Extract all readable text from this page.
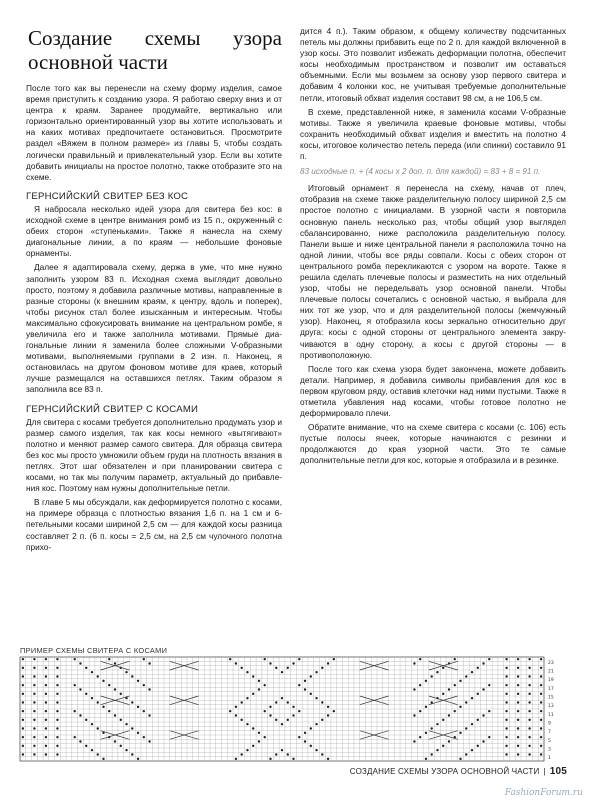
Создание схемы узора основной части

После того как вы перенесли на схему форму изделия, самое время приступить к созданию узора. Я работаю сверху вниз и от центра к краям. Заранее продумайте, вертикально или горизонтально ориентированный узор вы хотите использовать и на каких мотивах предпочитаете остановиться. Просмотрите раздел «Вяжем в полном размере» из главы 5, чтобы создать логически правильный и привлекательный узор. Если вы хотите добавить инициалы на простое полотно, также отобразите это на схеме.

ГЕРНСИЙСКИЙ СВИТЕР БЕЗ КОС

Я набросала несколько идей узора для свитера без кос: в исходной схеме в центре внимания ромб из 15 п., окруженный с обеих сторон «ступеньками». Также я нанесла на схему диагональные линии, а по краям — небольшие фоновые орнаменты.

Далее я адаптировала схему, держа в уме, что мне нужно заполнить узором 83 п. Исходная схема выглядит довольно просто, поэтому я добавила различные мотивы, направленные в разные стороны (к внешним краям, к центру, вдоль и поперек), чтобы рисунок стал более изысканным и интересным. Чтобы максимально сфокусировать внимание на центральном ромбе, я увеличила его и также заполнила мотивами. Прямые диагональные линии я заменила более сложными V-образными мотивами, выполняемыми группами в 2 изн. п. Наконец, я остановилась на другом фоновом мотиве для краев, который лучше размещался на оставшихся петлях. Таким образом я заполнила все 83 п.

ГЕРНСИЙСКИЙ СВИТЕР С КОСАМИ

Для свитера с косами требуется дополнительно продумать узор и размер самого изделия, так как косы немного «вытягивают» полотно и меняют размер самого свитера. Для образца свитера без кос мы просто умножили объем груди на плотность вязания в петлях. Этот шаг обязателен и при планировании свитера с косами, но так мы получим параметр, актуальный до прибавления кос. Поэтому нам нужны дополнительные петли.

В главе 5 мы обсуждали, как деформируется полотно с косами, на примере образца с плотностью вязания 1,6 п. на 1 см и 6-петельными косами шириной 2,5 см — для каждой косы разница составляет 2 п. (6 п. косы = 2,5 см, на 2,5 см чулочного полотна прихо-

дится 4 п.). Таким образом, к общему количеству подсчитанных петель мы должны прибавить еще по 2 п. для каждой включенной в узор косы. Это позволит избежать деформации полотна, обеспечит косы необходимым пространством и позволит им оставаться объемными. Если мы возьмем за основу узор первого свитера и добавим 4 колонки кос, не учитывая требуемые дополнительные петли, итоговый обхват изделия составит 98 см, а не 106,5 см.

В схеме, представленной ниже, я заменила косами V-образные мотивы. Также я увеличила краевые фоновые мотивы, чтобы сохранить необходимый обхват изделия и вместить на полотно 4 косы, итоговое количество петель переда (или спинки) составило 91 п.

83 исходные п. + (4 косы х 2 доп. п. для каждой) = 83 + 8 = 91 п.

Итоговый орнамент я перенесла на схему, начав от плеч, отобразив на схеме также разделительную полосу шириной 2,5 см простое полотно с инициалами. В узорной части я повторила основную панель несколько раз, чтобы общий узор выглядел сбалансированно, ниже расположила разделительную полосу. Панели выше и ниже центральной панели я расположила точно на одной линии, чтобы все ряды совпали. Косы с обеих сторон от центрального ромба перекликаются с узором на вороте. Также я решила сделать плечевые полосы и разместить на них отдельный узор, чтобы не передельвать узор основной панели. Чтобы плечевые полосы сочетались с основной частью, я выбрала для них тот же узор, что и для разделительной полосы (жемчужный узор). Наконец, я отобразила косы зеркально относительно друг друга: косы с одной стороны от центрального элемента закручиваются в одну сторону, а косы с другой стороны — в противоположную.

После того как схема узора будет закончена, можете добавить детали. Например, я добавила символы прибавления для кос в первом круговом ряду, оставив клеточки над ними пустыми. Также я отметила убавления над косами, чтобы готовое полотно не деформировало плечи.

Обратите внимание, что на схеме свитера с косами (с. 106) есть пустые полосы ячеек, которые начинаются с резинки и продолжаются до края узорной части. Это те самые дополнительные петли для кос, которые я отобразила и в резинке.

ПРИМЕР СХЕМЫ СВИТЕРА С КОСАМИ
23
21
19
17
15
13
11
9
7
5
3
1
СОЗДАНИЕ СХЕМЫ УЗОРА ОСНОВНОЙ ЧАСТИ | 105
FashionForum.ru
